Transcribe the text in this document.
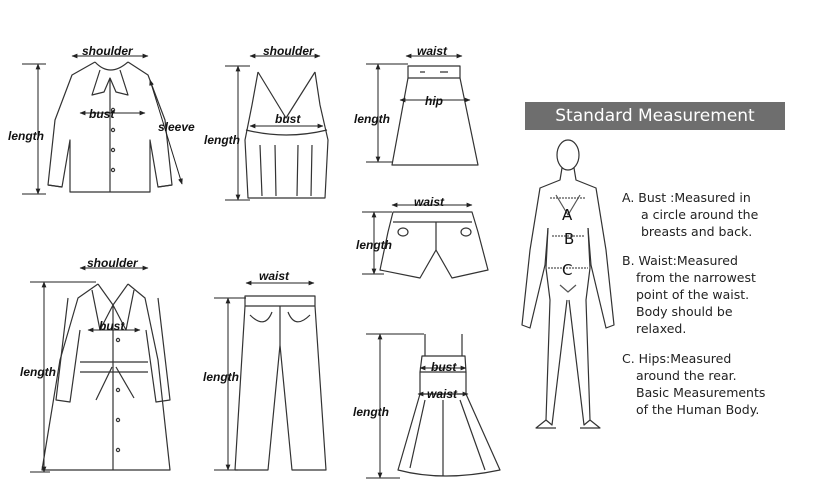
shoulder
bust
length
sleeve
shoulder
bust
length
waist
hip
length
waist
length
shoulder
bust
length
waist
length
bust
waist
length
Standard Measurement
A
B
C
A. Bust :Measured in
a circle around the
breasts and back.
B. Waist:Measured
from the narrowest
point of the waist.
Body should be
relaxed.
C. Hips:Measured
around the rear.
Basic Measurements
of the Human Body.
